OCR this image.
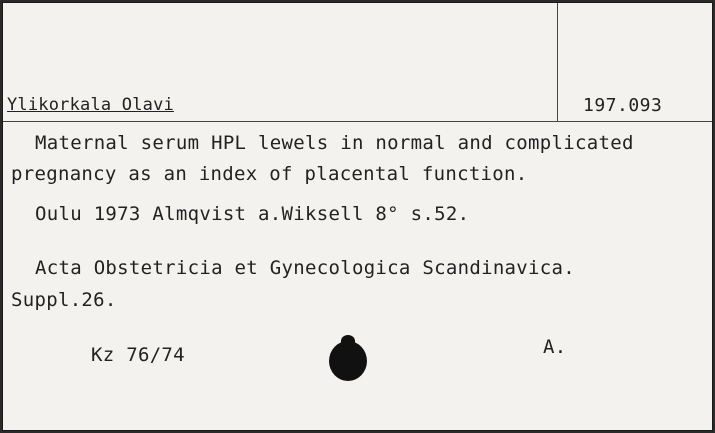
Ylikorkala Olavi	197.093
Maternal serum HPL lewels in normal and complicated
pregnancy as an index of placental function.
Oulu 1973 Almqvist a.Wiksell 8° s.52.
Acta Obstetricia et Gynecologica Scandinavica.
Suppl.26.
Kz 76/74	A.
